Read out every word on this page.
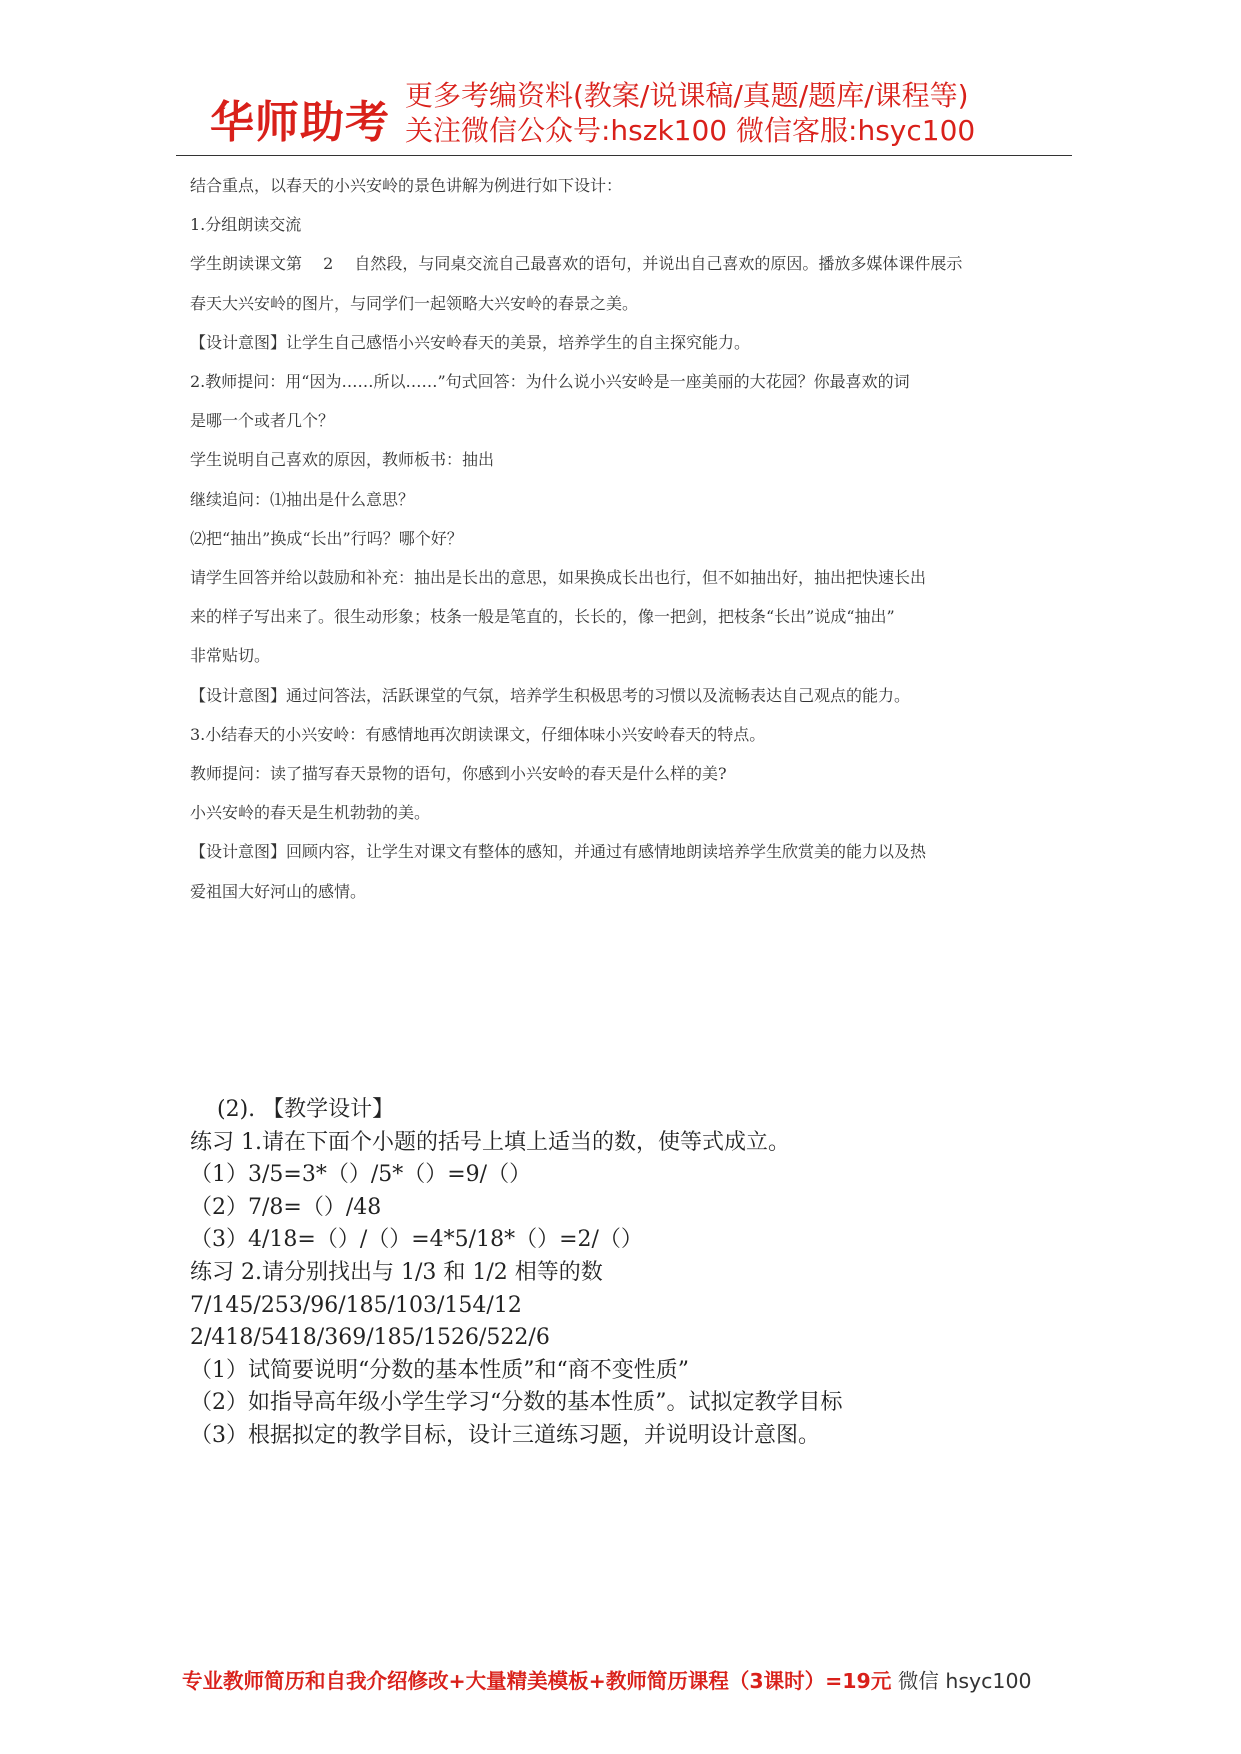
华师助考
更多考编资料(教案/说课稿/真题/题库/课程等)
关注微信公众号:hszk100 微信客服:hsyc100
结合重点，以春天的小兴安岭的景色讲解为例进行如下设计：
1.分组朗读交流
学生朗读课文第　 2　 自然段，与同桌交流自己最喜欢的语句，并说出自己喜欢的原因。播放多媒体课件展示
春天大兴安岭的图片，与同学们一起领略大兴安岭的春景之美。
【设计意图】让学生自己感悟小兴安岭春天的美景，培养学生的自主探究能力。
2.教师提问：用“因为……所以……”句式回答：为什么说小兴安岭是一座美丽的大花园？你最喜欢的词
是哪一个或者几个？
学生说明自己喜欢的原因，教师板书：抽出
继续追问：⑴抽出是什么意思？
⑵把“抽出”换成“长出”行吗？哪个好？
请学生回答并给以鼓励和补充：抽出是长出的意思，如果换成长出也行，但不如抽出好，抽出把快速长出
来的样子写出来了。很生动形象；枝条一般是笔直的，长长的，像一把剑，把枝条“长出”说成“抽出”
非常贴切。
【设计意图】通过问答法，活跃课堂的气氛，培养学生积极思考的习惯以及流畅表达自己观点的能力。
3.小结春天的小兴安岭：有感情地再次朗读课文，仔细体味小兴安岭春天的特点。
教师提问：读了描写春天景物的语句，你感到小兴安岭的春天是什么样的美?
小兴安岭的春天是生机勃勃的美。
【设计意图】回顾内容，让学生对课文有整体的感知，并通过有感情地朗读培养学生欣赏美的能力以及热
爱祖国大好河山的感情。
(2). 【教学设计】
练习 1.请在下面个小题的括号上填上适当的数，使等式成立。
（1）3/5=3*（）/5*（）=9/（）
（2）7/8=（）/48
（3）4/18=（）/（）=4*5/18*（）=2/（）
练习 2.请分别找出与 1/3 和 1/2 相等的数
7/145/253/96/185/103/154/12
2/418/5418/369/185/1526/522/6
（1）试简要说明“分数的基本性质”和“商不变性质”
（2）如指导高年级小学生学习“分数的基本性质”。试拟定教学目标
（3）根据拟定的教学目标，设计三道练习题，并说明设计意图。
专业教师简历和自我介绍修改+大量精美模板+教师简历课程（3课时）=19元 微信 hsyc100
